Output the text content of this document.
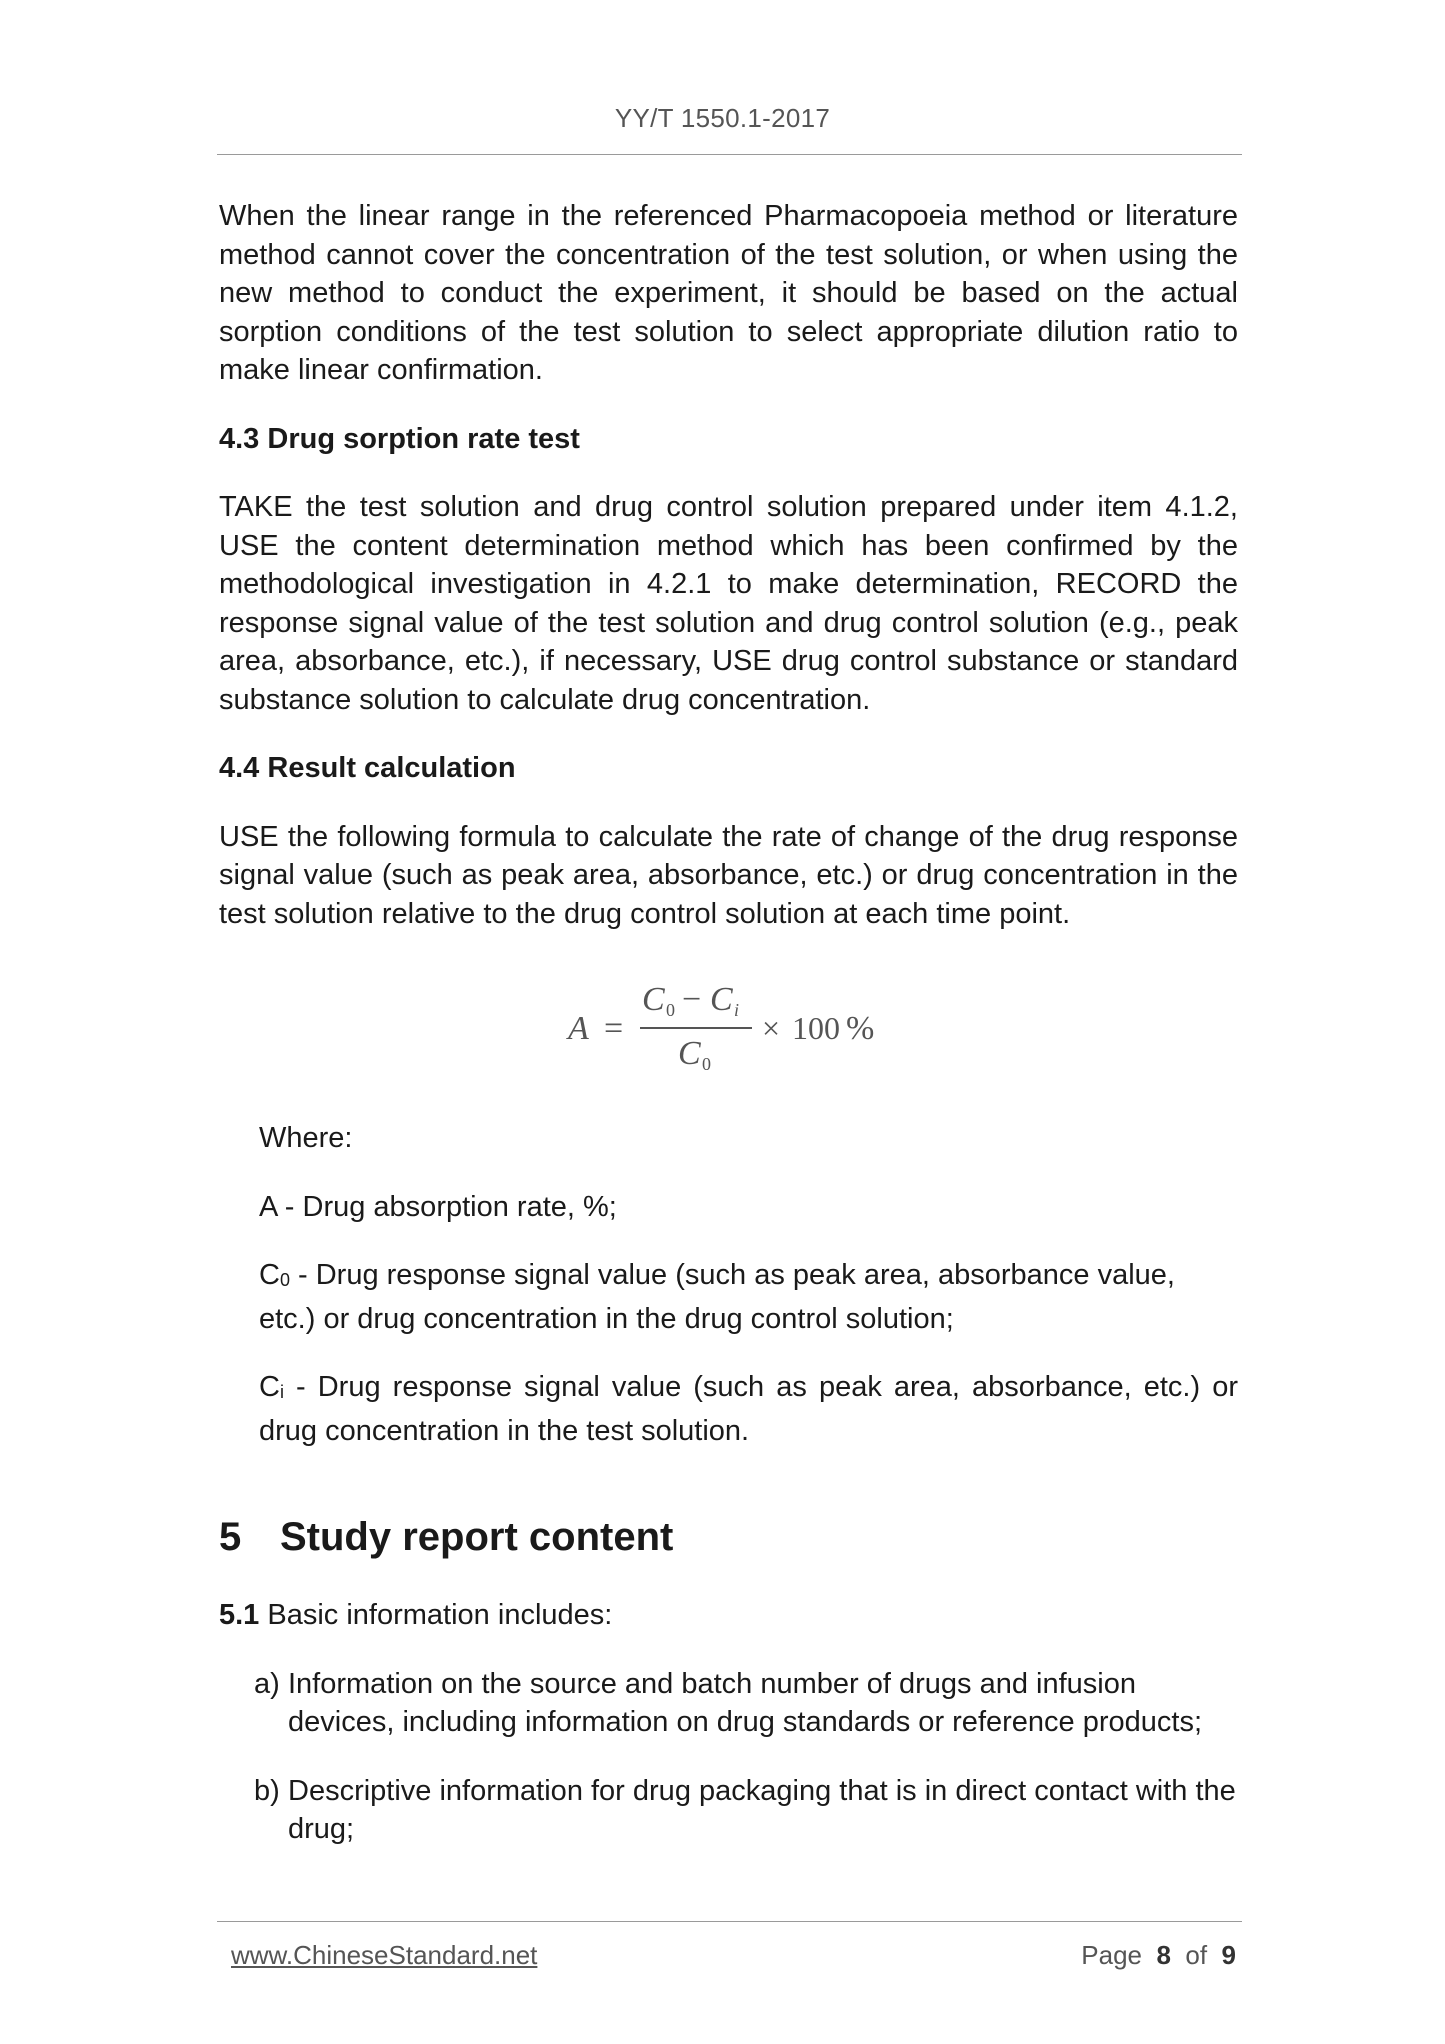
YY/T 1550.1-2017

When the linear range in the referenced Pharmacopoeia method or literature method cannot cover the concentration of the test solution, or when using the new method to conduct the experiment, it should be based on the actual sorption conditions of the test solution to select appropriate dilution ratio to make linear confirmation.

4.3 Drug sorption rate test

TAKE the test solution and drug control solution prepared under item 4.1.2, USE the content determination method which has been confirmed by the methodological investigation in 4.2.1 to make determination, RECORD the response signal value of the test solution and drug control solution (e.g., peak area, absorbance, etc.), if necessary, USE drug control substance or standard substance solution to calculate drug concentration.

4.4 Result calculation

USE the following formula to calculate the rate of change of the drug response signal value (such as peak area, absorbance, etc.) or drug concentration in the test solution relative to the drug control solution at each time point.

A =
C 0 − C i
C 0
× 100 %

Where:

A - Drug absorption rate, %;

$C_0$ - Drug response signal value (such as peak area, absorbance value, etc.) or drug concentration in the drug control solution;

$C_i$ - Drug response signal value (such as peak area, absorbance, etc.) or drug concentration in the test solution.

5 Study report content

5.1 Basic information includes:

a) Information on the source and batch number of drugs and infusion devices, including information on drug standards or reference products;
b) Descriptive information for drug packaging that is in direct contact with the drug;
www.ChineseStandard.net	Page 8 of 9
